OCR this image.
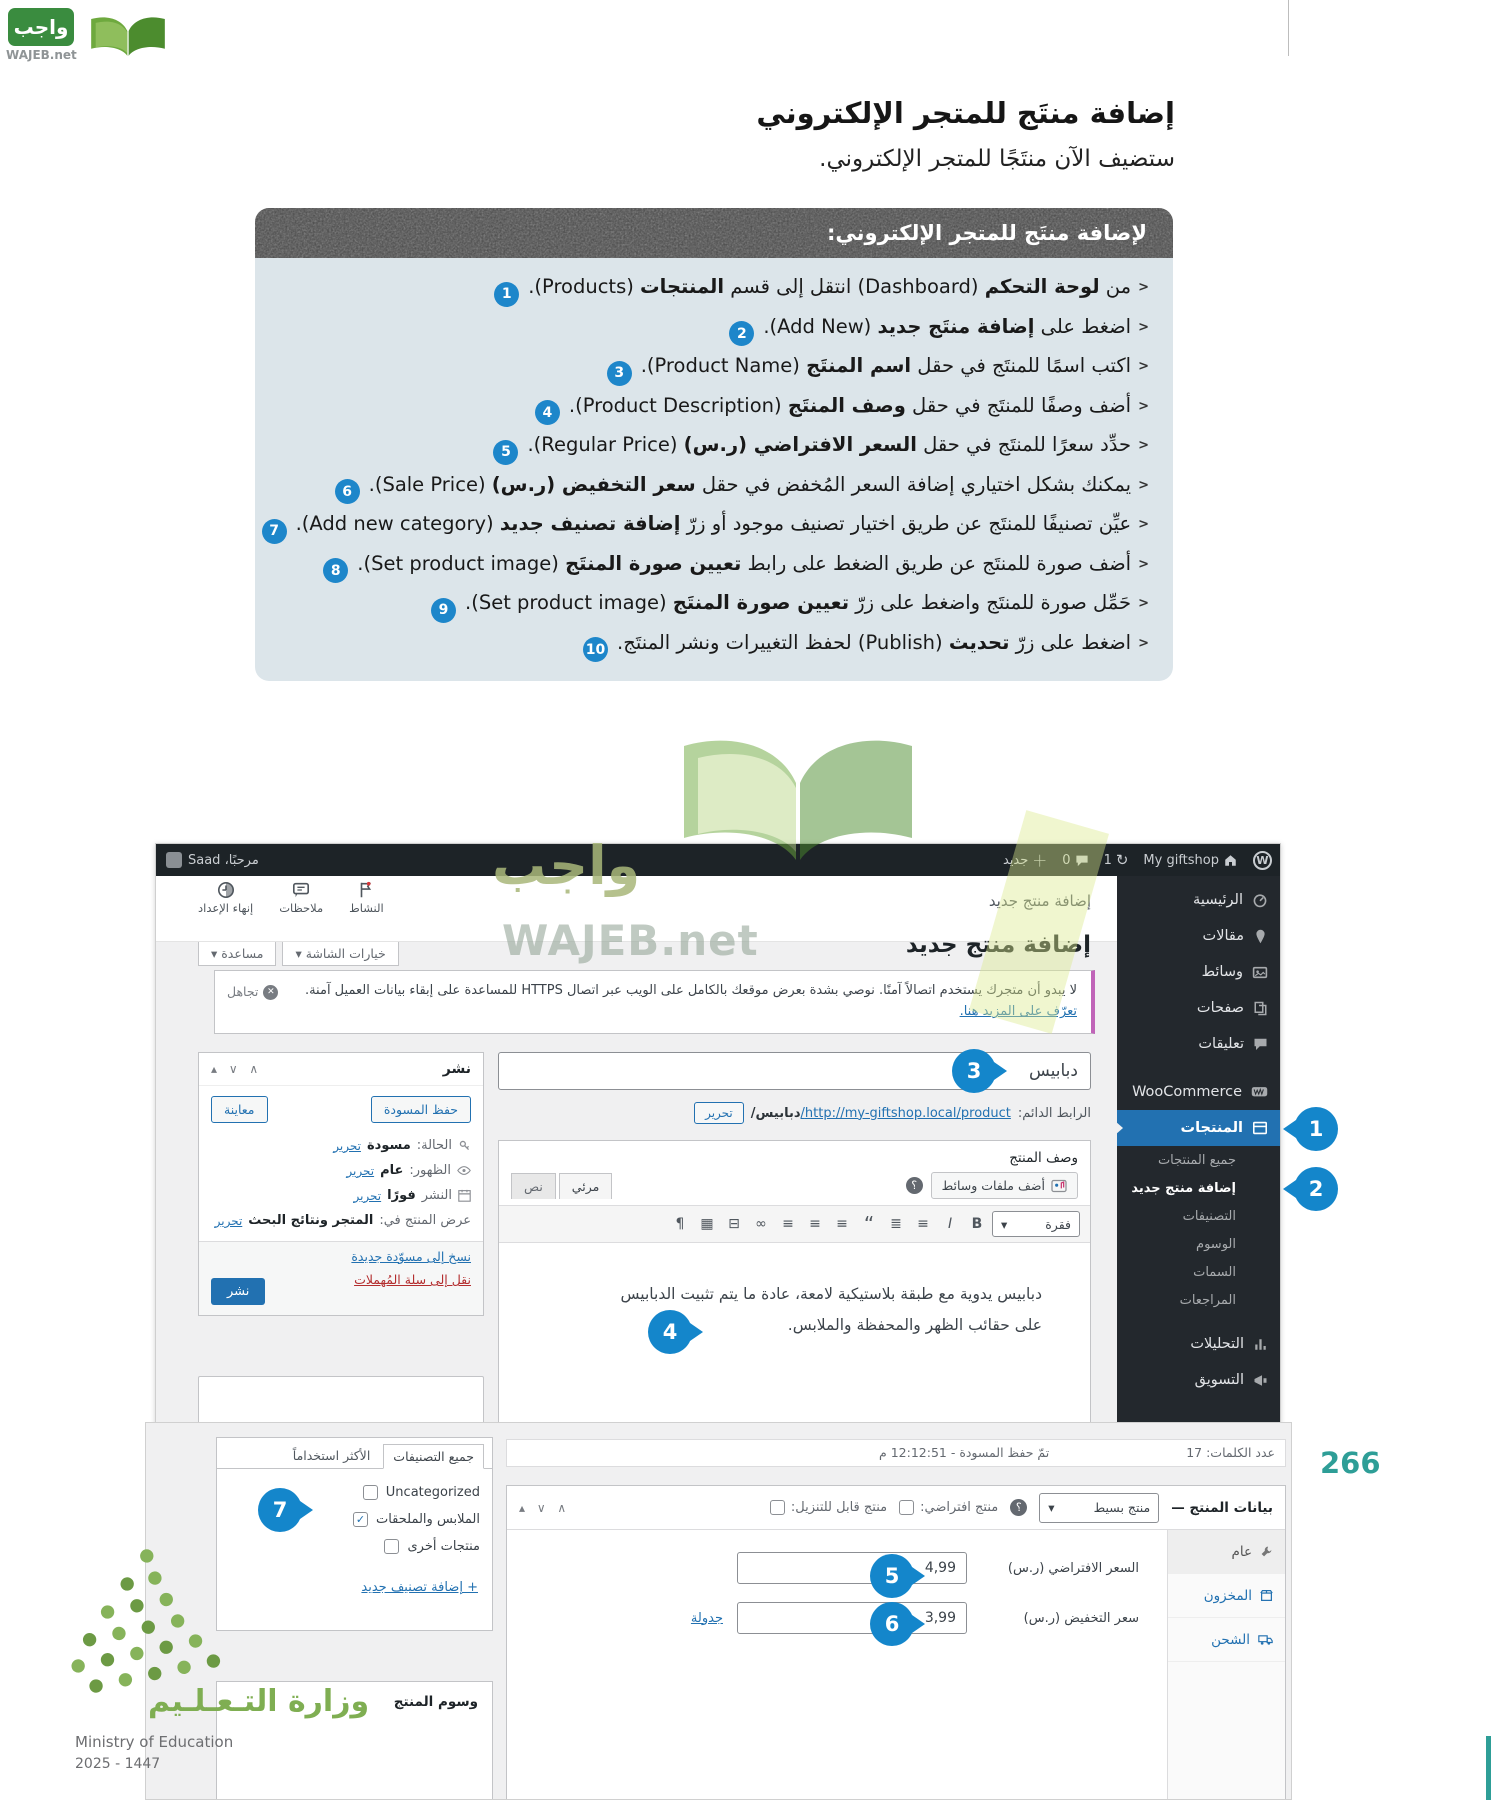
واجب
WAJEB.net
إضافة منتَج للمتجر الإلكتروني
ستضيف الآن منتَجًا للمتجر الإلكتروني.
لإضافة منتَج للمتجر الإلكتروني:
<من لوحة التحكم (Dashboard) انتقل إلى قسم المنتجات (Products).1
<اضغط على إضافة منتَج جديد (Add New).2
<اكتب اسمًا للمنتَج في حقل اسم المنتَج (Product Name).3
<أضف وصفًا للمنتَج في حقل وصف المنتَج (Product Description).4
<حدِّد سعرًا للمنتَج في حقل السعر الافتراضي (ر.س) (Regular Price).5
<يمكنك بشكل اختياري إضافة السعر المُخفض في حقل سعر التخفيض (ر.س) (Sale Price).6
<عيِّن تصنيفًا للمنتَج عن طريق اختيار تصنيف موجود أو زرّ إضافة تصنيف جديد (Add new category).7
<أضف صورة للمنتَج عن طريق الضغط على رابط تعيين صورة المنتَج (Set product image).8
<حَمِّل صورة للمنتَج واضغط على زرّ تعيين صورة المنتَج (Set product image).9
<اضغط على زرّ تحديث (Publish) لحفظ التغييرات ونشر المنتَج.10
W
My giftshop
↻
1
0
＋
جديد
مرحبًا، Saad
الرئيسية
مقالات
وسائط
صفحات
تعليقات
WooCommerce
المنتجات
جميع المنتجات
إضافة منتج جديد
التصنيفات
الوسوم
السمات
المراجعات
التحليلات
التسويق
النشاط
ملاحظات
إنهاء الإعداد
خيارات الشاشة ▾
مساعدة ▾
إضافة منتج جديد
إضافة منتج جديد
لا يبدو أن متجرك يستخدم اتصالاً آمنًا. نوصي بشدة بعرض موقعك بالكامل على الويب عبر اتصال HTTPS للمساعدة على إبقاء بيانات العميل آمنة.
تعرّف على المزيد هنا.
✕
تجاهل
دبابيس
الرابط الدائم:
http://my-giftshop.local/product/دبابيس/
تحرير
وصف المنتج
أضف ملفات وسائط
؟
مرئي
نص
فقرة
▾
B
I
≡
≣
“
≡
≡
≡
∞
⊟
▦
¶
دبابيس يدوية مع طبقة بلاستيكية لامعة، عادة ما يتم تثبيت الدبابيس على حقائب الظهر والمحفظة والملابس.
نشر
▴ ∨ ∧
حفظ المسودة
معاينة
الحالة:
مسودة
تحرير
الظهور:
عام
تحرير
النشر
فورًا
تحرير
عرض المنتج في:
المتجر ونتائج البحث
تحرير
نسخ إلى مسوّدة جديدة
نقل إلى سلة المُهملات
نشر
واجب
WAJEB.net
عدد الكلمات: 17
تمّ حفظ المسودة - 12:12:51 م
بيانات المنتج —
منتج بسيط
▾
؟
منتج افتراضي:
منتج قابل للتنزيل:
▴ ∨ ∧
عام
المخزون
الشحن
السعر الافتراضي (ر.س)
4,99
سعر التخفيض (ر.س)
3,99
جدولة
جميع التصنيفات
الأكثر استخداماً
Uncategorized
الملابس والملحقات
✓
منتجات أخرى
+ إضافة تصنيف جديد
وسوم المنتج
1
2
3
4
5
6
7
وزارة التـعـلـيم
Ministry of Education
2025 - 1447
266
